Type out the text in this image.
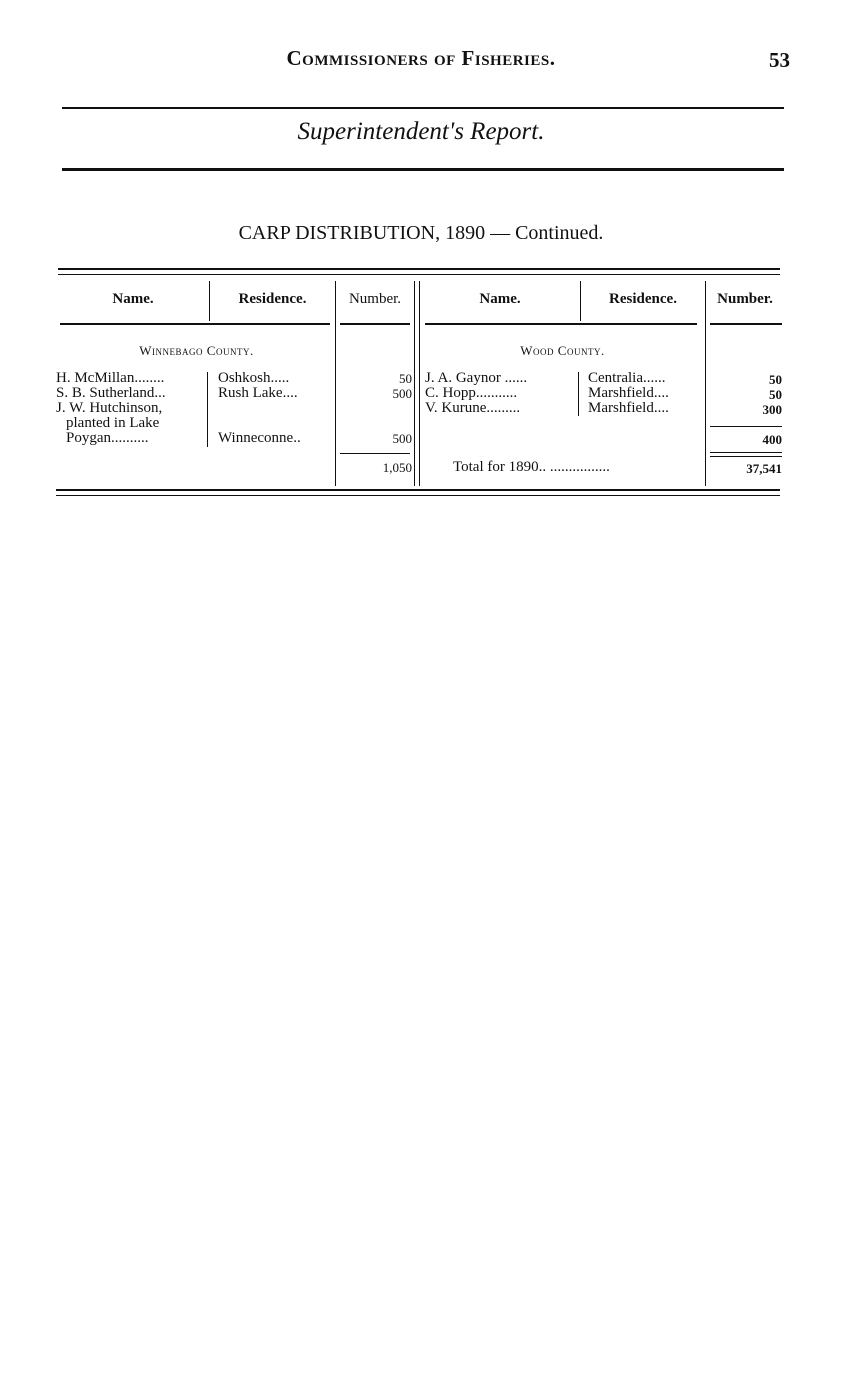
Commissioners of Fisheries.	53
Superintendent's Report.
CARP DISTRIBUTION, 1890 — Continued.
Name.	Residence.	Number.	Name.	Residence.	Number.
Winnebago County.	Wood County.
H. McMillan........	Oshkosh.....	50
S. B. Sutherland...	Rush Lake....	500
J. W. Hutchinson,
planted in Lake
Poygan..........	Winneconne..	500
1,050
J. A. Gaynor ......	Centralia......	50
C. Hopp...........	Marshfield....	50
V. Kurune.........	Marshfield....	300
400
Total for 1890.. ................	37,541
